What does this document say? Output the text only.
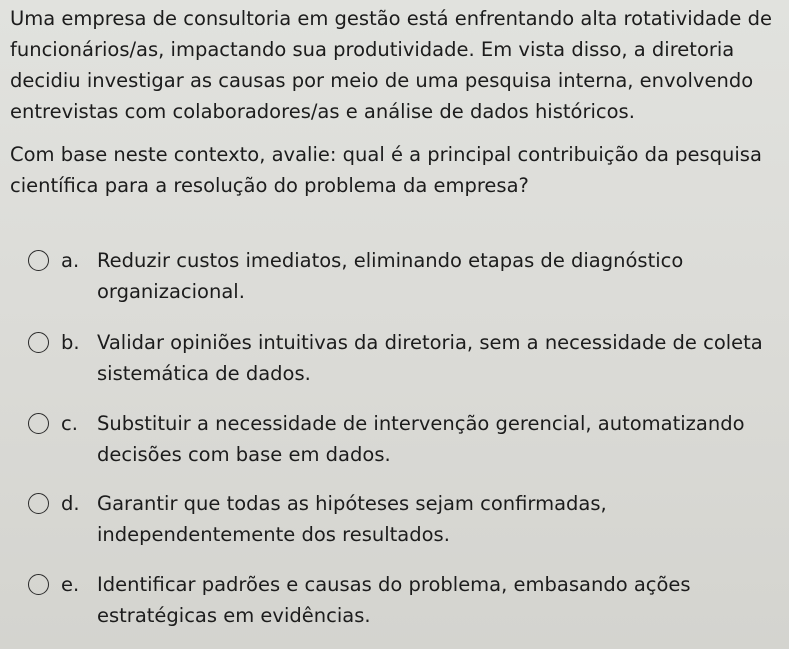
Uma empresa de consultoria em gestão está enfrentando alta rotatividade de
funcionários/as, impactando sua produtividade. Em vista disso, a diretoria
decidiu investigar as causas por meio de uma pesquisa interna, envolvendo
entrevistas com colaboradores/as e análise de dados históricos.
Com base neste contexto, avalie: qual é a principal contribuição da pesquisa
científica para a resolução do problema da empresa?
a. Reduzir custos imediatos, eliminando etapas de diagnóstico
organizacional.
b. Validar opiniões intuitivas da diretoria, sem a necessidade de coleta
sistemática de dados.
c. Substituir a necessidade de intervenção gerencial, automatizando
decisões com base em dados.
d. Garantir que todas as hipóteses sejam confirmadas,
independentemente dos resultados.
e. Identificar padrões e causas do problema, embasando ações
estratégicas em evidências.
